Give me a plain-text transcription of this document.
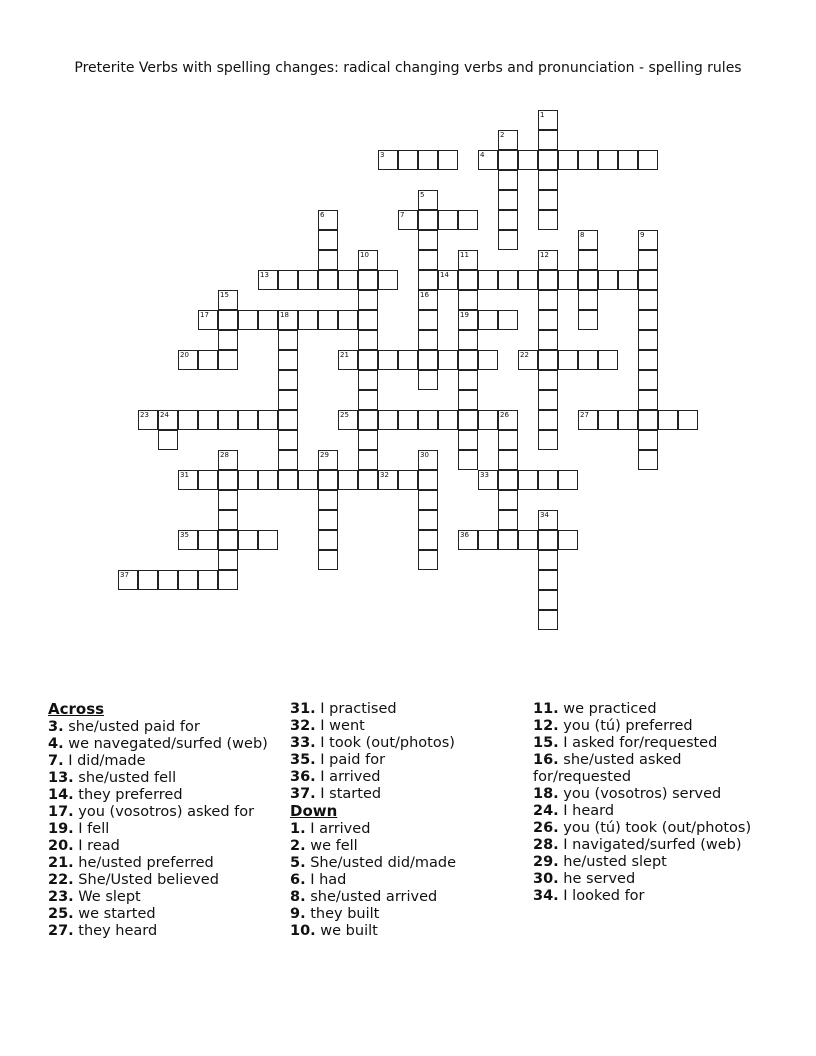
Preterite Verbs with spelling changes: radical changing verbs and pronunciation - spelling rules
3	4
7
13	14
17	18	19
20	21	22
23 24	25	26	27
31	32	33
35	36
37
1
2
5
6
8	9
10	11	12
15	16
28	29	30
34
Across
3. she/usted paid for
4. we navegated/surfed (web)
7. I did/made
13. she/usted fell
14. they preferred
17. you (vosotros) asked for
19. I fell
20. I read
21. he/usted preferred
22. She/Usted believed
23. We slept
25. we started
27. they heard
31. I practised
32. I went
33. I took (out/photos)
35. I paid for
36. I arrived
37. I started
Down
1. I arrived
2. we fell
5. She/usted did/made
6. I had
8. she/usted arrived
9. they built
10. we built
11. we practiced
12. you (tú) preferred
15. I asked for/requested
16. she/usted asked for/requested
18. you (vosotros) served
24. I heard
26. you (tú) took (out/photos)
28. I navigated/surfed (web)
29. he/usted slept
30. he served
34. I looked for
